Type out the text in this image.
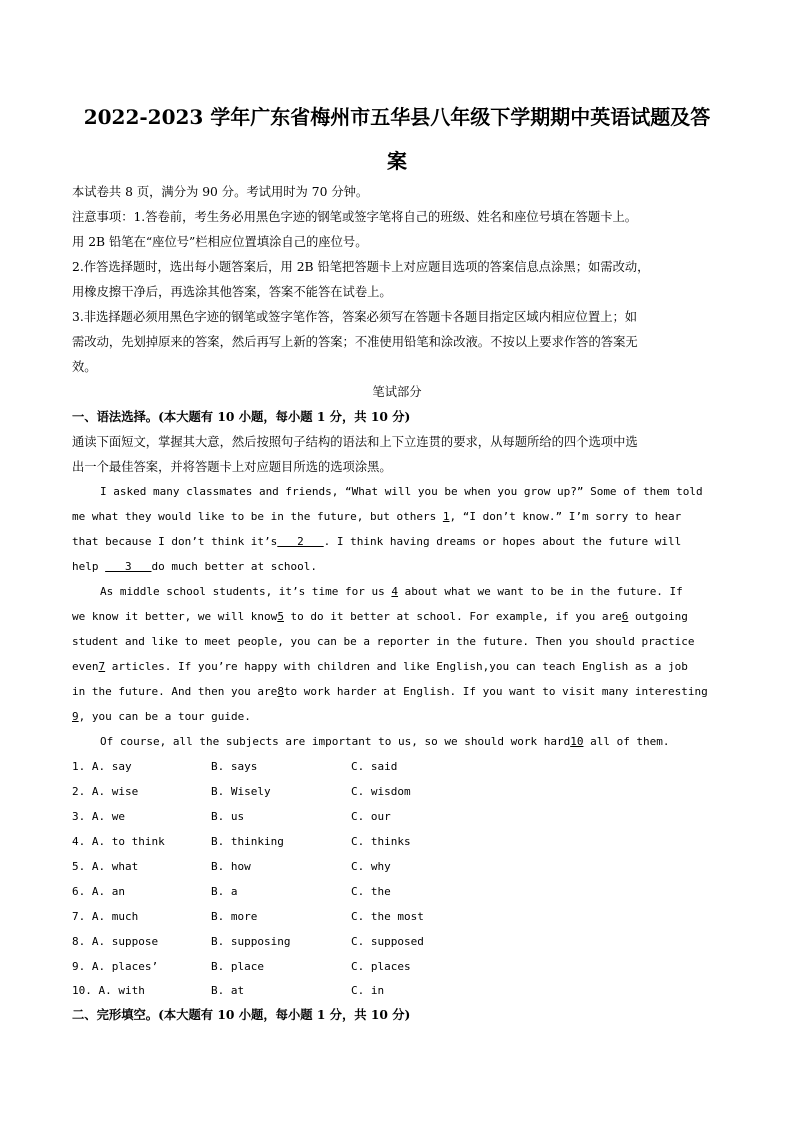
2022-2023 学年广东省梅州市五华县八年级下学期期中英语试题及答
案
本试卷共 8 页，满分为 90 分。考试用时为 70 分钟。
注意事项：1.答卷前，考生务必用黑色字迹的钢笔或签字笔将自己的班级、姓名和座位号填在答题卡上。
用 2B 铅笔在“座位号”栏相应位置填涂自己的座位号。
2.作答选择题时，选出每小题答案后，用 2B 铅笔把答题卡上对应题目选项的答案信息点涂黑；如需改动，
用橡皮擦干净后，再选涂其他答案，答案不能答在试卷上。
3.非选择题必须用黑色字迹的钢笔或签字笔作答，答案必须写在答题卡各题目指定区域内相应位置上；如
需改动，先划掉原来的答案，然后再写上新的答案；不准使用铅笔和涂改液。不按以上要求作答的答案无
效。
笔试部分
一、语法选择。(本大题有 10 小题，每小题 1 分，共 10 分)
通读下面短文，掌握其大意，然后按照句子结构的语法和上下立连贯的要求，从每题所给的四个选项中选
出一个最佳答案，并将答题卡上对应题目所选的选项涂黑。
I asked many classmates and friends, “What will you be when you grow up?” Some of them told
me what they would like to be in the future, but others 1, “I don’t know.” I’m sorry to hear
that because I don’t think it’s   2   . I think having dreams or hopes about the future will
help    3   do much better at school.
As middle school students, it’s time for us 4 about what we want to be in the future. If
we know it better, we will know5 to do it better at school. For example, if you are6 outgoing
student and like to meet people, you can be a reporter in the future. Then you should practice
even7 articles. If you’re happy with children and like English,you can teach English as a job
in the future. And then you are8to work harder at English. If you want to visit many interesting
9, you can be a tour guide.
Of course, all the subjects are important to us, so we should work hard10 all of them.
1. A. say	B. says	C. said
2. A. wise	B. Wisely	C. wisdom
3. A. we	B. us	C. our
4. A. to think	B. thinking	C. thinks
5. A. what	B. how	C. why
6. A. an	B. a	C. the
7. A. much	B. more	C. the most
8. A. suppose	B. supposing	C. supposed
9. A. places’	B. place	C. places
10. A. with	B. at	C. in
二、完形填空。(本大题有 10 小题，每小题 1 分，共 10 分)
